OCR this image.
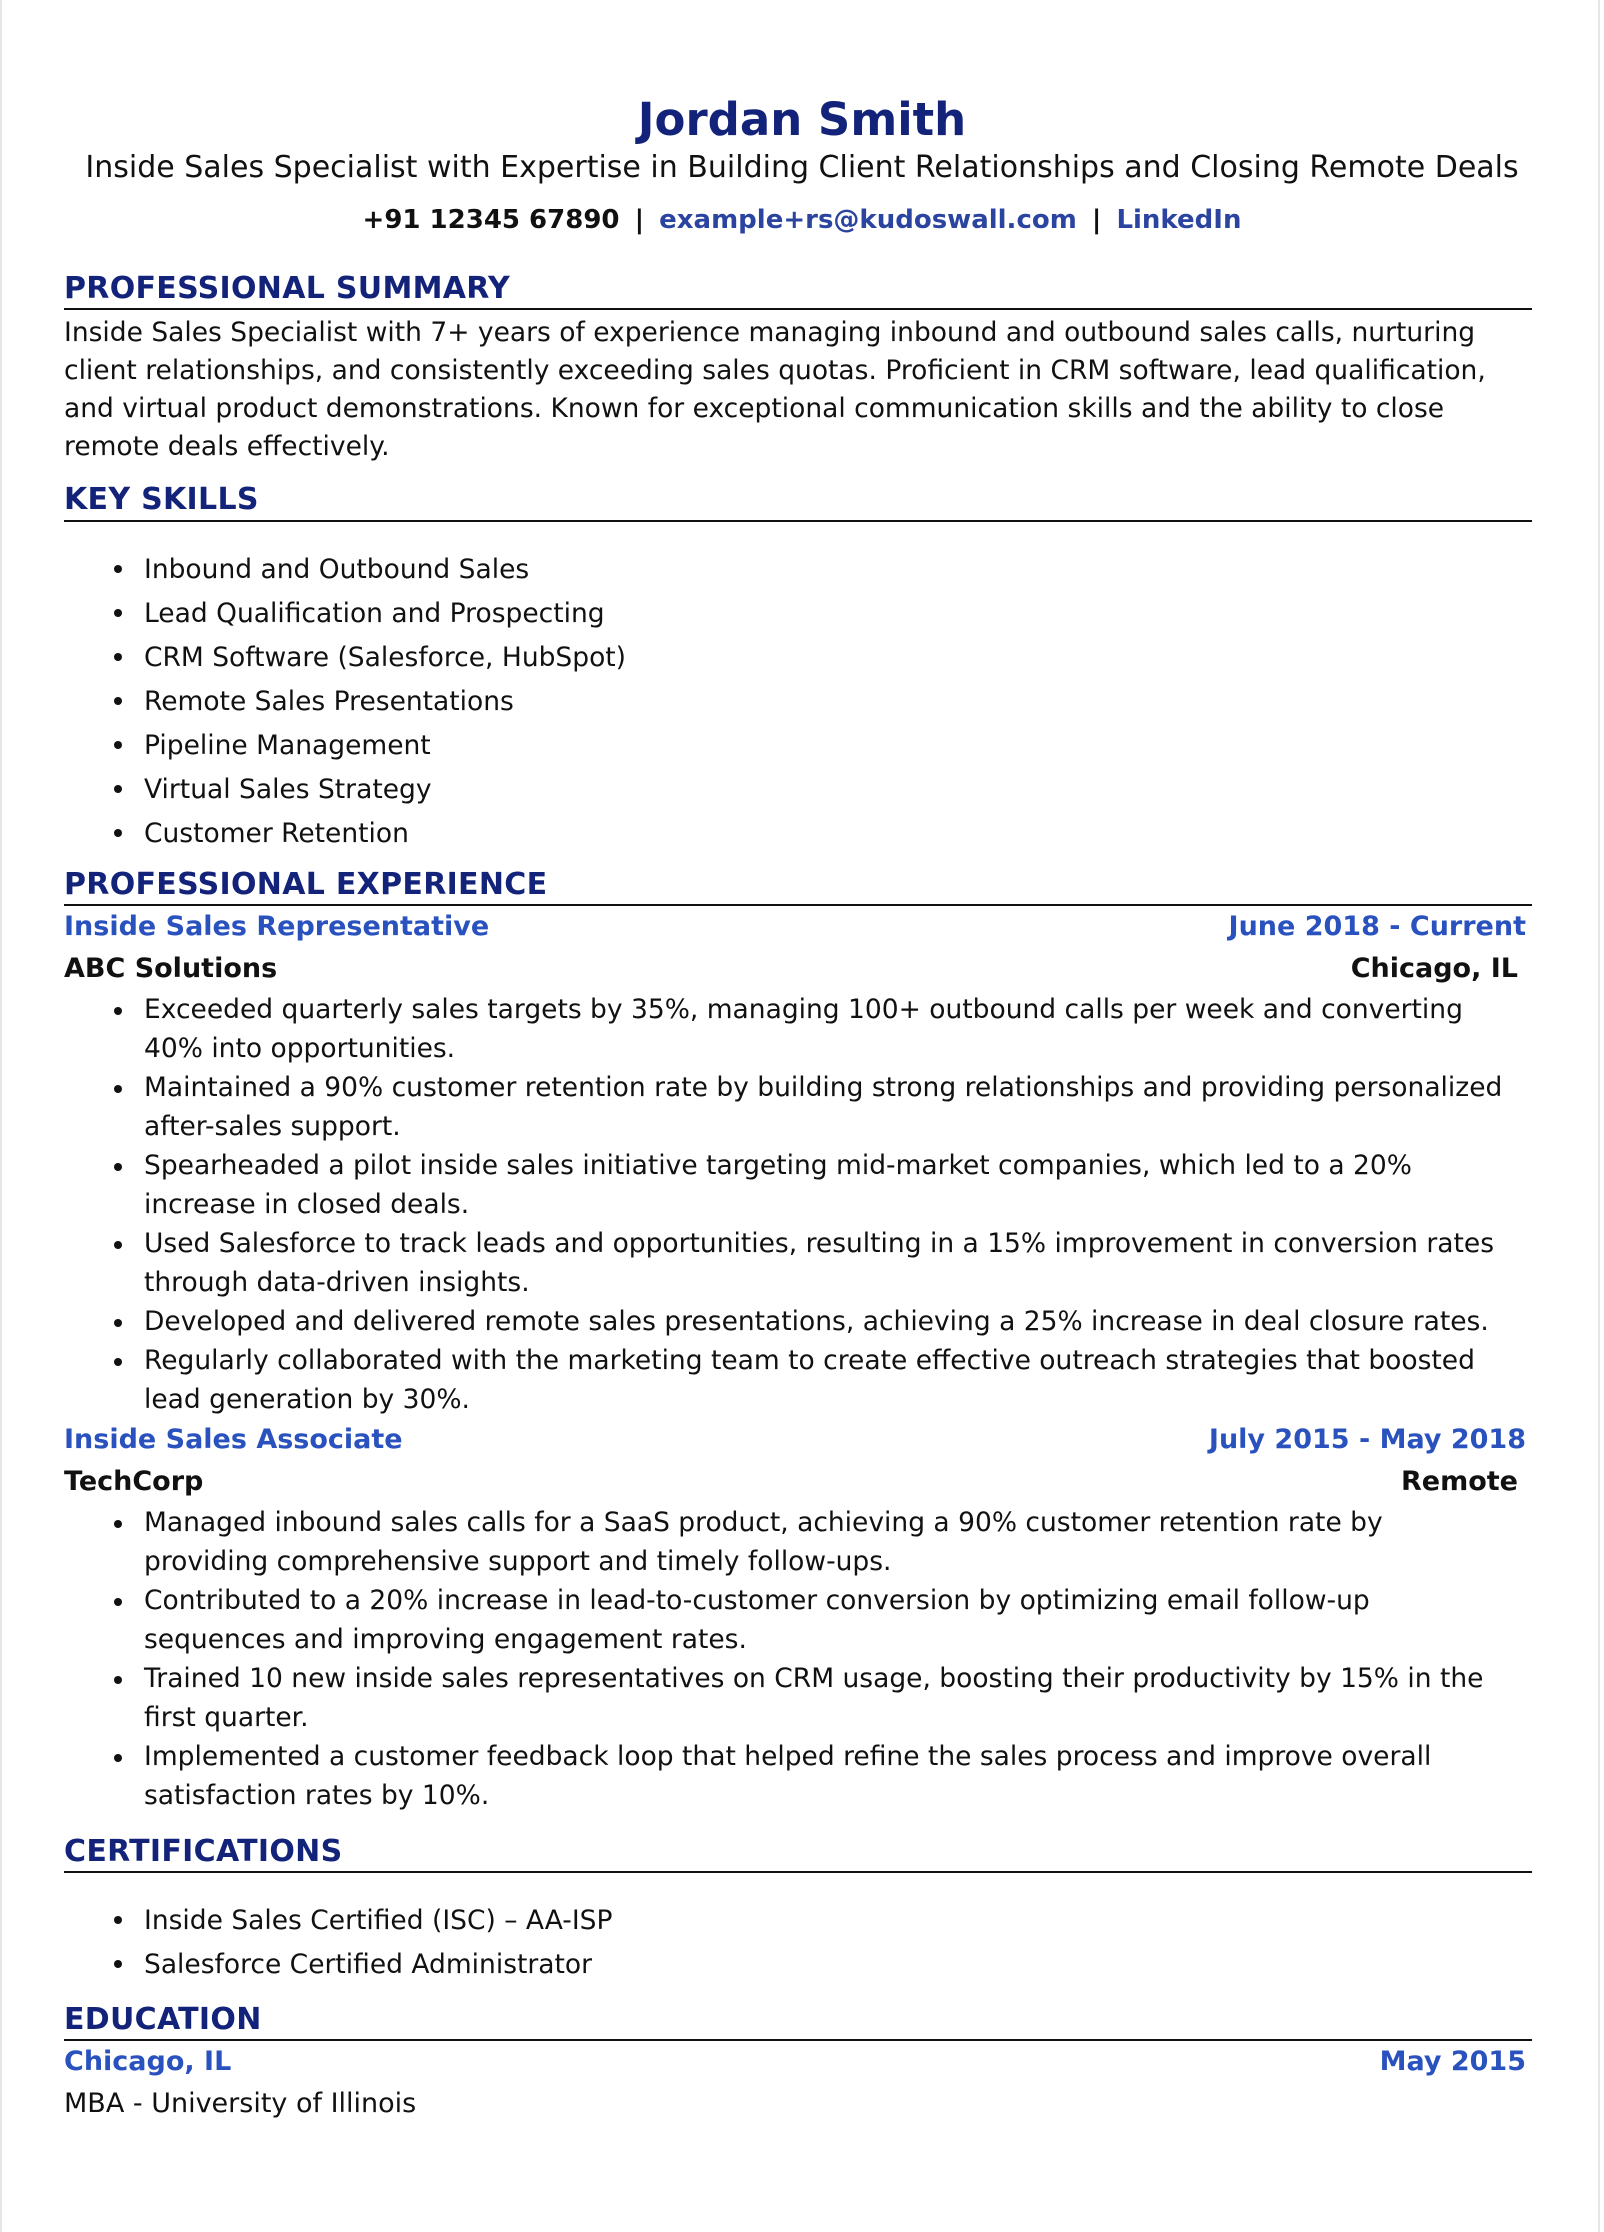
Jordan Smith

Inside Sales Specialist with Expertise in Building Client Relationships and Closing Remote Deals

+91 12345 67890 | example+rs@kudoswall.com | LinkedIn
PROFESSIONAL SUMMARY

Inside Sales Specialist with 7+ years of experience managing inbound and outbound sales calls, nurturing client relationships, and consistently exceeding sales quotas. Proficient in CRM software, lead qualification, and virtual product demonstrations. Known for exceptional communication skills and the ability to close remote deals effectively.

KEY SKILLS
Inbound and Outbound Sales
Lead Qualification and Prospecting
CRM Software (Salesforce, HubSpot)
Remote Sales Presentations
Pipeline Management
Virtual Sales Strategy
Customer Retention
PROFESSIONAL EXPERIENCE
Inside Sales Representative	June 2018 - Current
ABC Solutions	Chicago, IL
Exceeded quarterly sales targets by 35%, managing 100+ outbound calls per week and converting 40% into opportunities.
Maintained a 90% customer retention rate by building strong relationships and providing personalized after-sales support.
Spearheaded a pilot inside sales initiative targeting mid-market companies, which led to a 20% increase in closed deals.
Used Salesforce to track leads and opportunities, resulting in a 15% improvement in conversion rates through data-driven insights.
Developed and delivered remote sales presentations, achieving a 25% increase in deal closure rates.
Regularly collaborated with the marketing team to create effective outreach strategies that boosted lead generation by 30%.
Inside Sales Associate	July 2015 - May 2018
TechCorp	Remote
Managed inbound sales calls for a SaaS product, achieving a 90% customer retention rate by providing comprehensive support and timely follow-ups.
Contributed to a 20% increase in lead-to-customer conversion by optimizing email follow-up sequences and improving engagement rates.
Trained 10 new inside sales representatives on CRM usage, boosting their productivity by 15% in the first quarter.
Implemented a customer feedback loop that helped refine the sales process and improve overall satisfaction rates by 10%.
CERTIFICATIONS
Inside Sales Certified (ISC) – AA-ISP
Salesforce Certified Administrator
EDUCATION
Chicago, IL	May 2015
MBA - University of Illinois
